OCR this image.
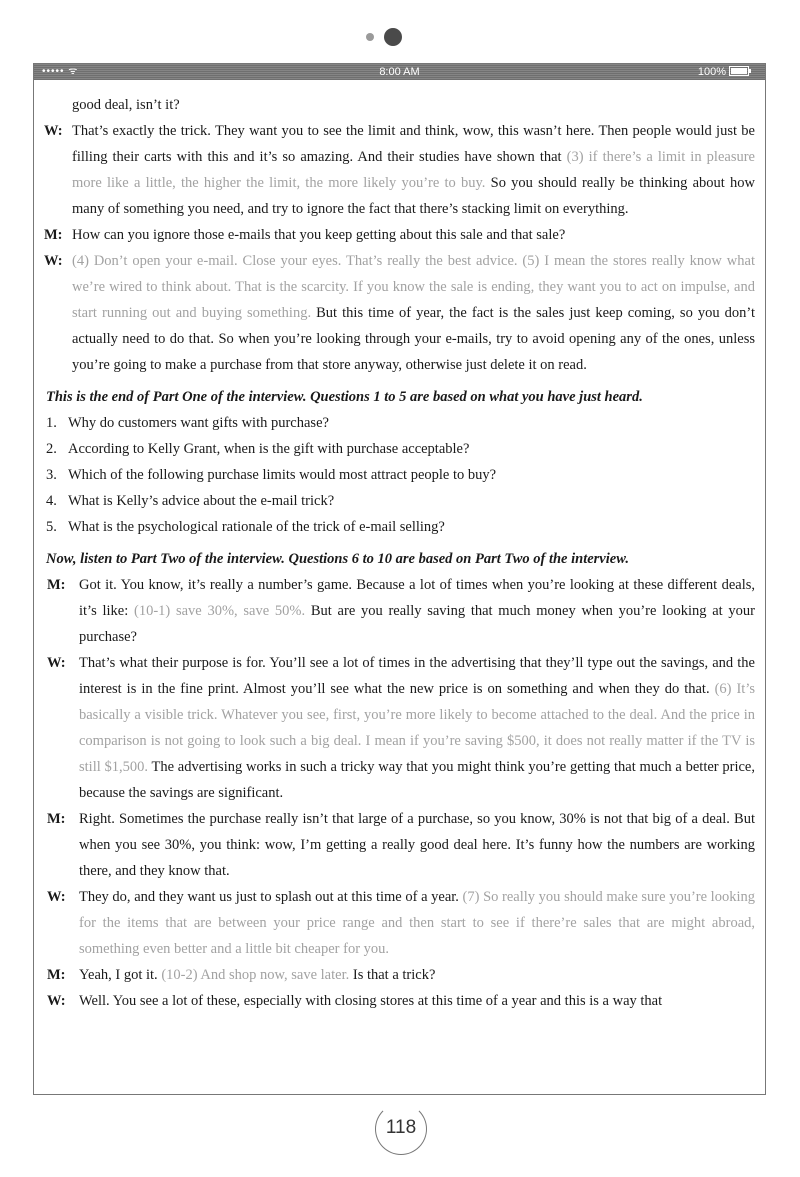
••••• ᯤ	8:00 AM	100%
good deal, isn’t it?
W: That’s exactly the trick. They want you to see the limit and think, wow, this wasn’t here. Then people would just be filling their carts with this and it’s so amazing. And their studies have shown that (3) if there’s a limit in pleasure more like a little, the higher the limit, the more likely you’re to buy. So you should really be thinking about how many of something you need, and try to ignore the fact that there’s stacking limit on everything.
M: How can you ignore those e-mails that you keep getting about this sale and that sale?
W: (4) Don’t open your e-mail. Close your eyes. That’s really the best advice. (5) I mean the stores really know what we’re wired to think about. That is the scarcity. If you know the sale is ending, they want you to act on impulse, and start running out and buying something. But this time of year, the fact is the sales just keep coming, so you don’t actually need to do that. So when you’re looking through your e-mails, try to avoid opening any of the ones, unless you’re going to make a purchase from that store anyway, otherwise just delete it on read.
This is the end of Part One of the interview. Questions 1 to 5 are based on what you have just heard.
1. Why do customers want gifts with purchase?
2. According to Kelly Grant, when is the gift with purchase acceptable?
3. Which of the following purchase limits would most attract people to buy?
4. What is Kelly’s advice about the e-mail trick?
5. What is the psychological rationale of the trick of e-mail selling?
Now, listen to Part Two of the interview. Questions 6 to 10 are based on Part Two of the interview.
M: Got it. You know, it’s really a number’s game. Because a lot of times when you’re looking at these different deals, it’s like: (10-1) save 30%, save 50%. But are you really saving that much money when you’re looking at your purchase?
W: That’s what their purpose is for. You’ll see a lot of times in the advertising that they’ll type out the savings, and the interest is in the fine print. Almost you’ll see what the new price is on something and when they do that. (6) It’s basically a visible trick. Whatever you see, first, you’re more likely to become attached to the deal. And the price in comparison is not going to look such a big deal. I mean if you’re saving $500, it does not really matter if the TV is still $1,500. The advertising works in such a tricky way that you might think you’re getting that much a better price, because the savings are significant.
M: Right. Sometimes the purchase really isn’t that large of a purchase, so you know, 30% is not that big of a deal. But when you see 30%, you think: wow, I’m getting a really good deal here. It’s funny how the numbers are working there, and they know that.
W: They do, and they want us just to splash out at this time of a year. (7) So really you should make sure you’re looking for the items that are between your price range and then start to see if there’re sales that are might abroad, something even better and a little bit cheaper for you.
M: Yeah, I got it. (10-2) And shop now, save later. Is that a trick?
W: Well. You see a lot of these, especially with closing stores at this time of a year and this is a way that
118
